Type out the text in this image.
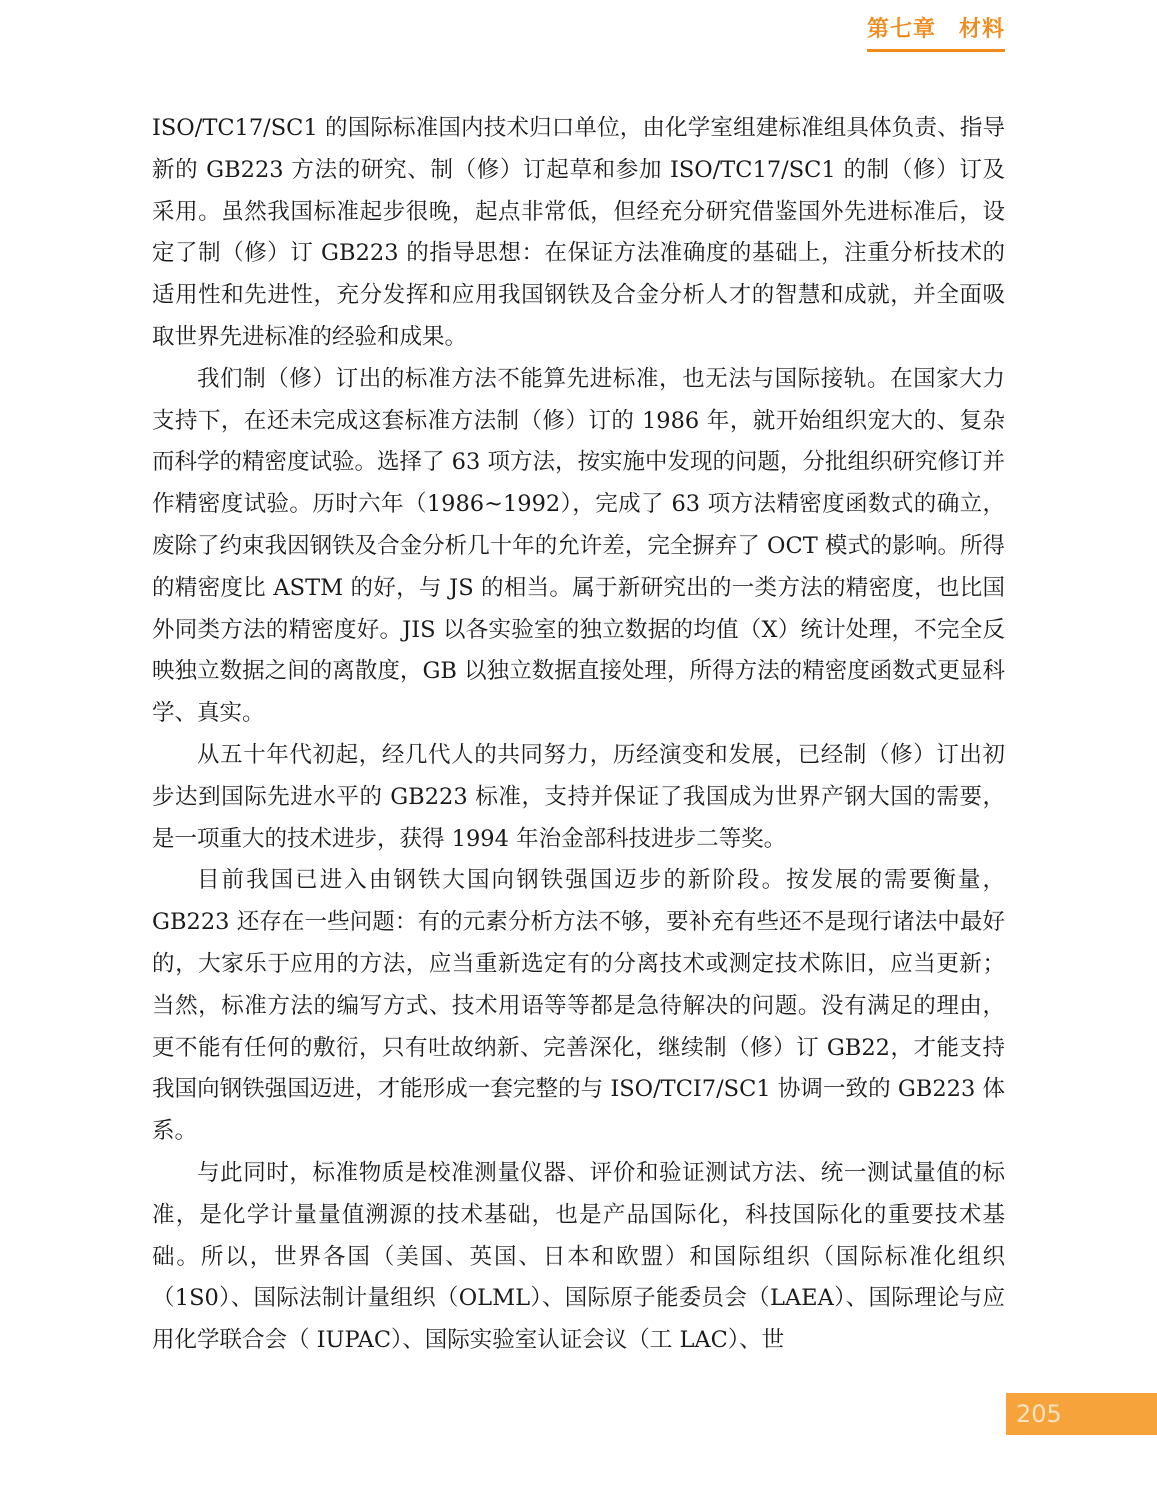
第七章　材料

ISO/TC17/SC1 的国际标准国内技术归口单位，由化学室组建标准组具体负责、指导新的 GB223 方法的研究、制（修）订起草和参加 ISO/TC17/SC1 的制（修）订及采用。虽然我国标准起步很晚，起点非常低，但经充分研究借鉴国外先进标准后，设定了制（修）订 GB223 的指导思想：在保证方法准确度的基础上，注重分析技术的适用性和先进性，充分发挥和应用我国钢铁及合金分析人才的智慧和成就，并全面吸取世界先进标准的经验和成果。

我们制（修）订出的标准方法不能算先进标准，也无法与国际接轨。在国家大力支持下，在还未完成这套标准方法制（修）订的 1986 年，就开始组织宠大的、复杂而科学的精密度试验。选择了 63 项方法，按实施中发现的问题，分批组织研究修订并作精密度试验。历时六年（1986~1992），完成了 63 项方法精密度函数式的确立，废除了约束我因钢铁及合金分析几十年的允许差，完全摒弃了 OCT 模式的影响。所得的精密度比 ASTM 的好，与 JS 的相当。属于新研究出的一类方法的精密度，也比国外同类方法的精密度好。JIS 以各实验室的独立数据的均值（X）统计处理，不完全反映独立数据之间的离散度，GB 以独立数据直接处理，所得方法的精密度函数式更显科学、真实。

从五十年代初起，经几代人的共同努力，历经演变和发展，已经制（修）订出初步达到国际先进水平的 GB223 标准，支持并保证了我国成为世界产钢大国的需要，是一项重大的技术进步，获得 1994 年治金部科技进步二等奖。

目前我国已进入由钢铁大国向钢铁强国迈步的新阶段。按发展的需要衡量，GB223 还存在一些问题：有的元素分析方法不够，要补充有些还不是现行诸法中最好的，大家乐于应用的方法，应当重新选定有的分离技术或测定技术陈旧，应当更新；当然，标准方法的编写方式、技术用语等等都是急待解决的问题。没有满足的理由，更不能有任何的敷衍，只有吐故纳新、完善深化，继续制（修）订 GB22，才能支持我国向钢铁强国迈进，才能形成一套完整的与 ISO/TCI7/SC1 协调一致的 GB223 体系。

与此同时，标准物质是校准测量仪器、评价和验证测试方法、统一测试量值的标准，是化学计量量值溯源的技术基础，也是产品国际化，科技国际化的重要技术基础。所以，世界各国（美国、英国、日本和欧盟）和国际组织（国际标准化组织（1S0）、国际法制计量组织（OLML）、国际原子能委员会（LAEA）、国际理论与应用化学联合会（ IUPAC）、国际实验室认证会议（工 LAC）、世

205
